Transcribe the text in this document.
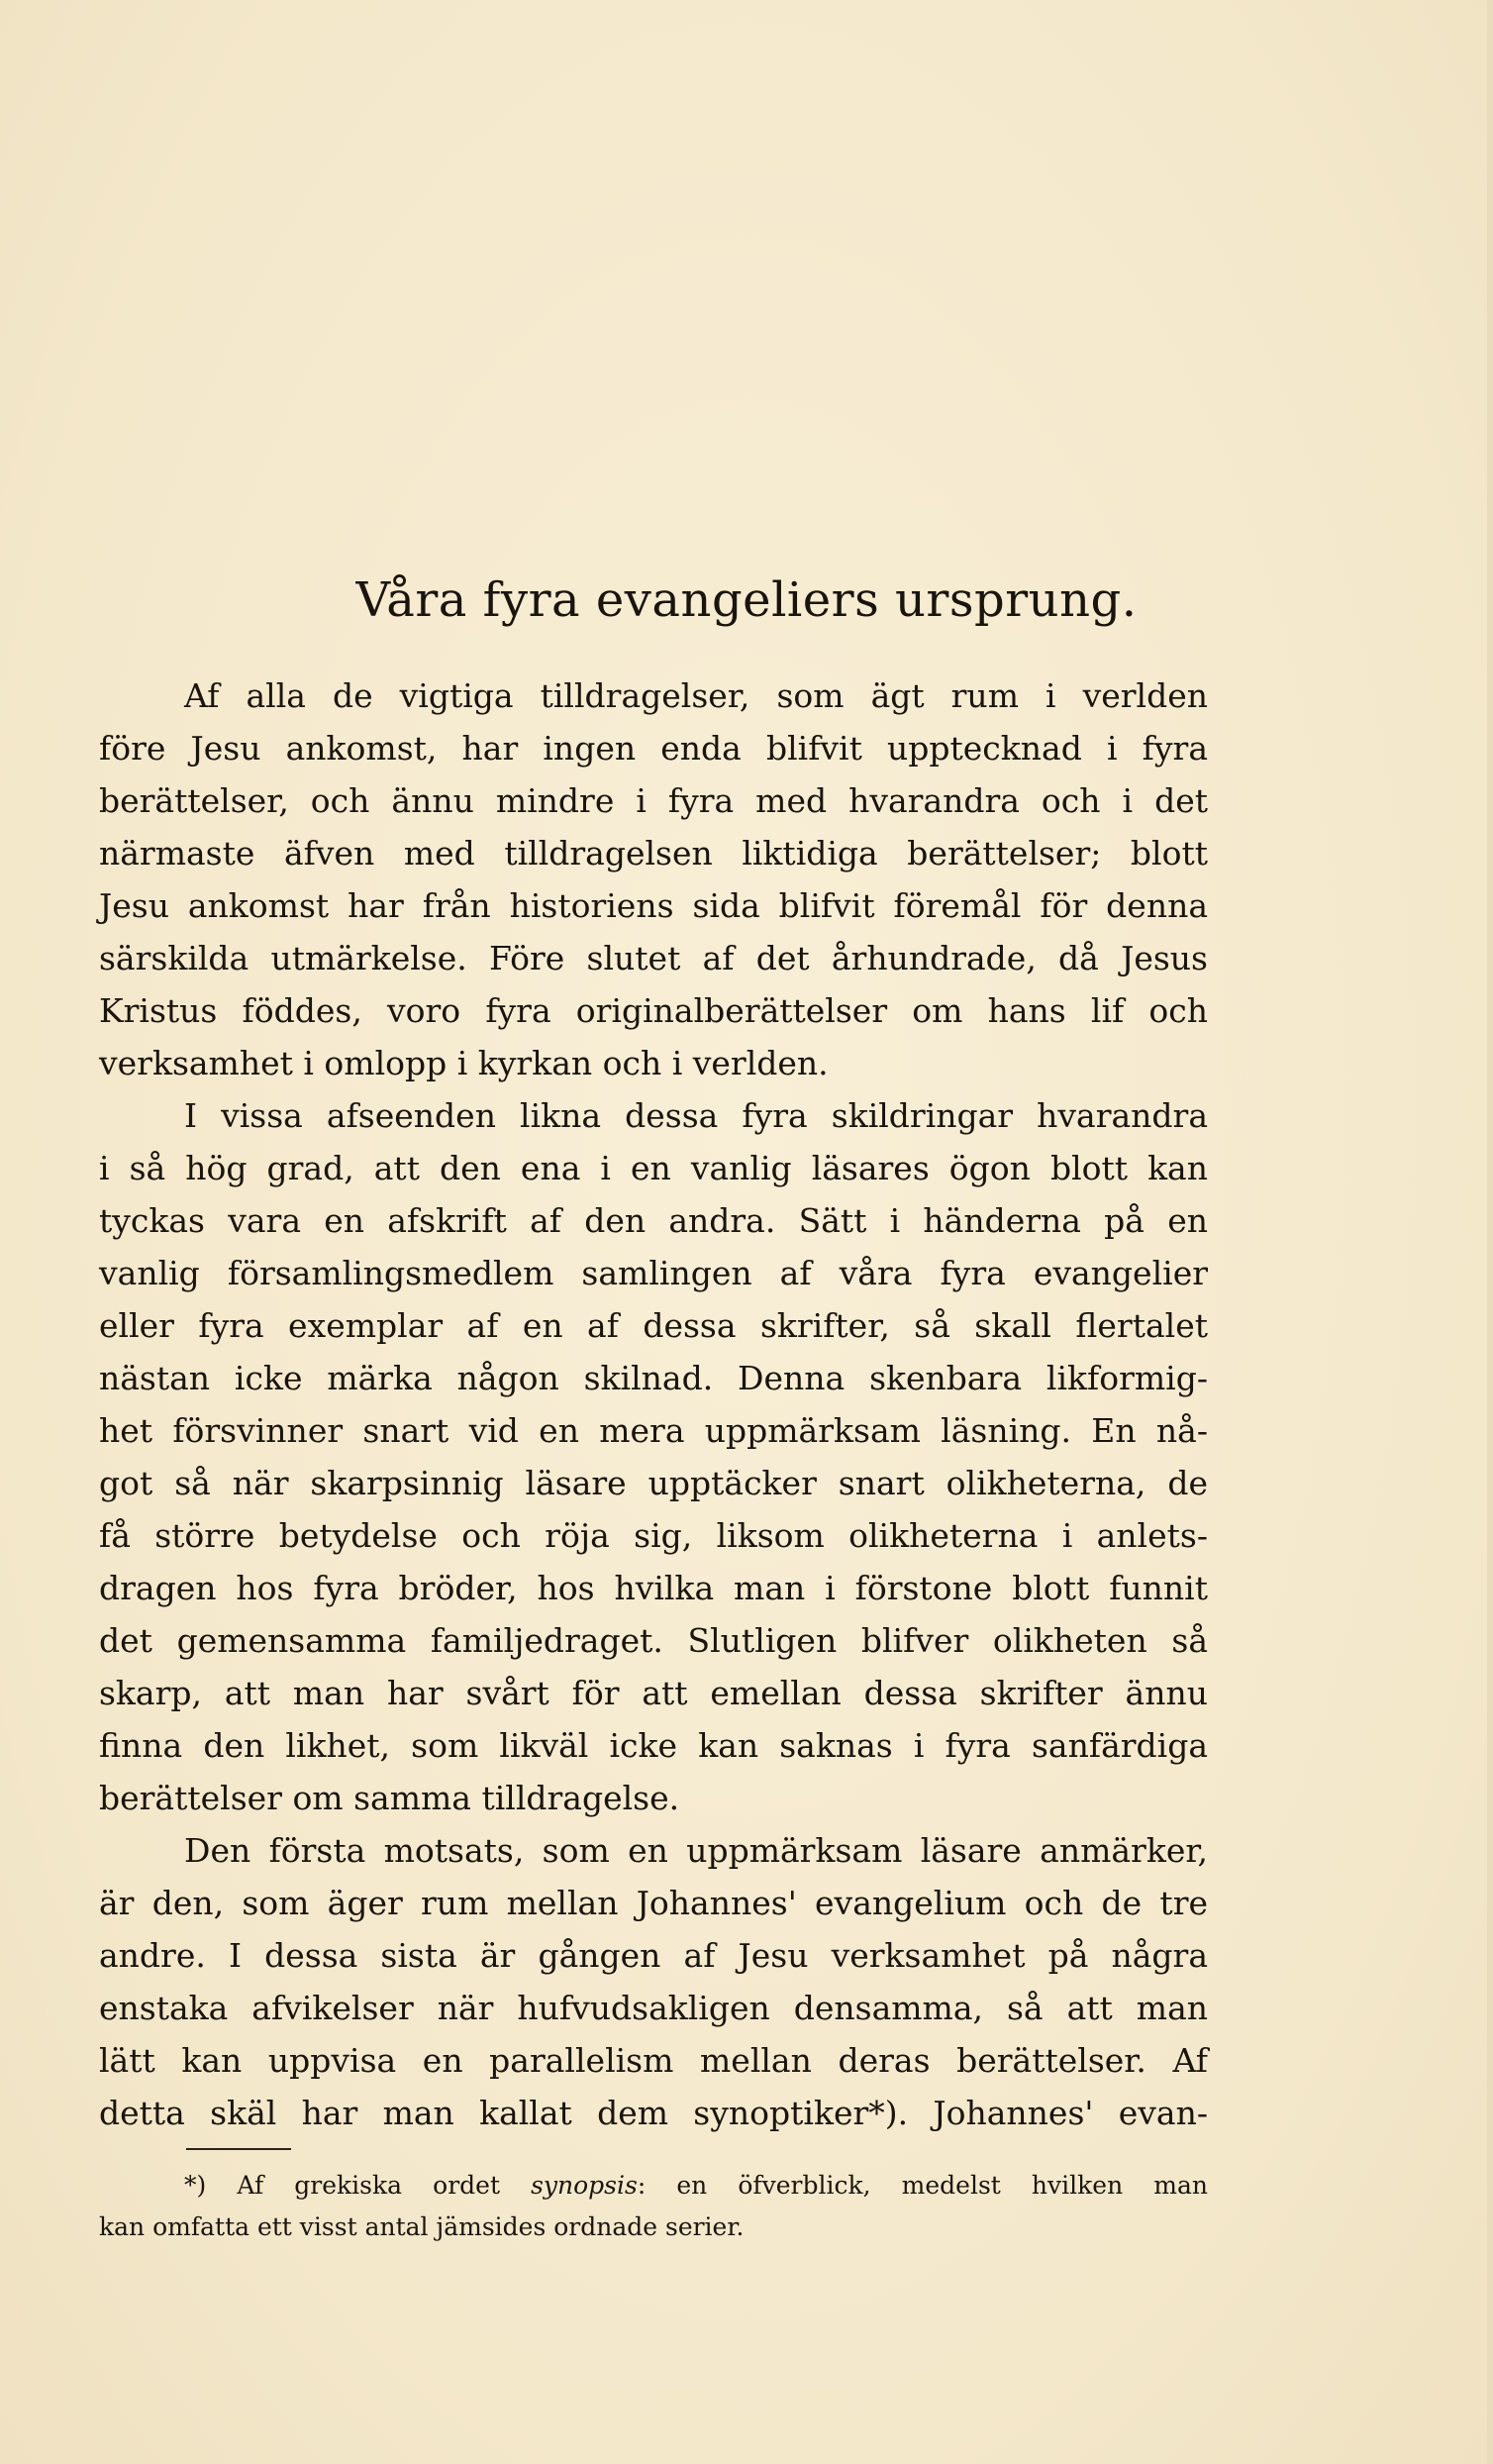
Våra fyra evangeliers ursprung.
Af alla de vigtiga tilldragelser, som ägt rum i verlden
före Jesu ankomst, har ingen enda blifvit upptecknad i fyra
berättelser, och ännu mindre i fyra med hvarandra och i det
närmaste äfven med tilldragelsen liktidiga berättelser; blott
Jesu ankomst har från historiens sida blifvit föremål för denna
särskilda utmärkelse. Före slutet af det århundrade, då Jesus
Kristus föddes, voro fyra originalberättelser om hans lif och
verksamhet i omlopp i kyrkan och i verlden.
I vissa afseenden likna dessa fyra skildringar hvarandra
i så hög grad, att den ena i en vanlig läsares ögon blott kan
tyckas vara en afskrift af den andra. Sätt i händerna på en
vanlig församlingsmedlem samlingen af våra fyra evangelier
eller fyra exemplar af en af dessa skrifter, så skall flertalet
nästan icke märka någon skilnad. Denna skenbara likformig-
het försvinner snart vid en mera uppmärksam läsning. En nå-
got så när skarpsinnig läsare upptäcker snart olikheterna, de
få större betydelse och röja sig, liksom olikheterna i anlets-
dragen hos fyra bröder, hos hvilka man i förstone blott funnit
det gemensamma familjedraget. Slutligen blifver olikheten så
skarp, att man har svårt för att emellan dessa skrifter ännu
finna den likhet, som likväl icke kan saknas i fyra sanfärdiga
berättelser om samma tilldragelse.
Den första motsats, som en uppmärksam läsare anmärker,
är den, som äger rum mellan Johannes' evangelium och de tre
andre. I dessa sista är gången af Jesu verksamhet på några
enstaka afvikelser när hufvudsakligen densamma, så att man
lätt kan uppvisa en parallelism mellan deras berättelser. Af
detta skäl har man kallat dem synoptiker*). Johannes' evan-
*) Af grekiska ordet synopsis: en öfverblick, medelst hvilken man
kan omfatta ett visst antal jämsides ordnade serier.
